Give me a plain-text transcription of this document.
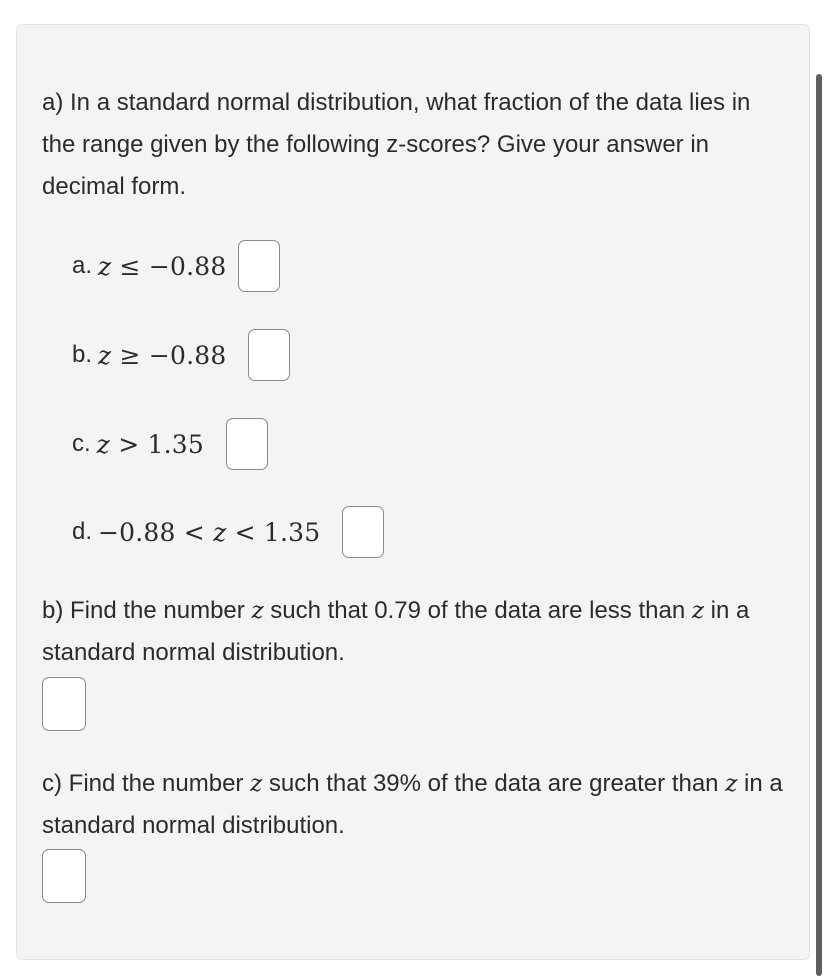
a) In a standard normal distribution, what fraction of the data lies in the range given by the following z-scores? Give your answer in decimal form.

a. z ≤ −0.88
b. z ≥ −0.88
c. z > 1.35
d. −0.88 < z < 1.35

b) Find the number z such that 0.79 of the data are less than z in a standard normal distribution.

c) Find the number z such that 39% of the data are greater than z in a standard normal distribution.
